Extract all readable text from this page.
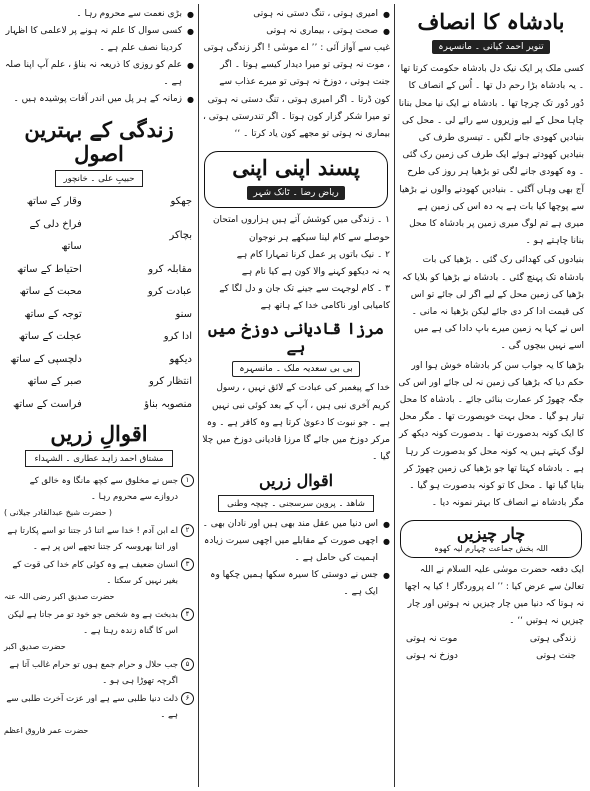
بادشاہ کا انصاف
تنویر احمد کیانی ۔ مانسہرہ

کسی ملک پر ایک نیک دل بادشاہ حکومت کرتا تھا ۔ یہ بادشاہ بڑا رحم دل تھا ۔ اُس کے انصاف کا دُور دُور تک چرچا تھا ۔ بادشاہ نے ایک نیا محل بنانا چاہا محل کے لیے وزیروں سے رائے لی ۔ محل کی بنیادیں کھودی جانے لگیں ۔ تیسری طرف کی بنیادیں کھودتے ہوئے ایک طرف کی زمین رک گئی ۔ وہ کھودی جانے لگی تو بڑھیا ہر روز کی طرح آج بھی وہاں آگئی ۔ بنیادیں کھودنے والوں نے بڑھیا سے پوچھا کیا بات ہے یہ دہ اس کی زمین ہے میری ہے تم لوگ میری زمین پر بادشاہ کا محل بنانا چاہتے ہو ۔

بنیادوں کی کھدائی رک گئی ۔ بڑھیا کی بات بادشاہ تک پہنچ گئی ۔ بادشاہ نے بڑھیا کو بلایا کہ بڑھیا کی زمین محل کے لیے اگر لی جائے تو اس کی قیمت ادا کر دی جائے لیکن بڑھیا نہ مانی ۔ اس نے کہا یہ زمین میرے باپ دادا کی ہے میں اسے نہیں بیچوں گی ۔

بڑھیا کا یہ جواب سن کر بادشاہ خوش ہوا اور حکم دیا کہ بڑھیا کی زمین نہ لی جائے اور اس کی جگہ چھوڑ کر عمارت بنائی جائے ۔ بادشاہ کا محل تیار ہو گیا ۔ محل بہت خوبصورت تھا ۔ مگر محل کا ایک کونہ بدصورت تھا ۔ بدصورت کونہ دیکھ کر لوگ کہتے ہیں یہ کونہ محل کو بدصورت کر رہا ہے ۔ بادشاہ کہتا تھا جو بڑھیا کی زمین چھوڑ کر بنایا گیا تھا ۔ محل کا تو کونہ بدصورت ہو گیا ۔ مگر بادشاہ نے انصاف کا بہتر نمونہ دیا ۔

چار چیزیں
اللہ بخش جماعت چہارم لیہ کھوہ

ایک دفعہ حضرت موسٰی علیہ السلام نے اللہ تعالیٰ سے عرض کیا : ’’ اے پروردگار ! کیا یہ اچھا نہ ہوتا کہ دنیا میں چار چیزیں نہ ہوتیں اور چار چیزیں نہ ہوتیں ‘‘ ۔

زندگی ہوتی
موت نہ ہوتی
جنت ہوتی
دوزخ نہ ہوتی
● امیری ہوتی ، تنگ دستی نہ ہوتی
● صحت ہوتی ، بیماری نہ ہوتی

غیب سے آواز آئی : ’’ اے موسٰی ! اگر زندگی ہوتی ، موت نہ ہوتی تو میرا دیدار کیسے ہوتا ۔ اگر جنت ہوتی ، دوزخ نہ ہوتی تو میرے عذاب سے کون ڈرتا ۔ اگر امیری ہوتی ، تنگ دستی نہ ہوتی تو میرا شکر گزار کون ہوتا ۔ اگر تندرستی ہوتی ، بیماری نہ ہوتی تو مجھے کون یاد کرتا ۔ ‘‘

پسند اپنی اپنی
ریاض رضا ۔ ٹانک شہر
۱ ۔ زندگی میں کوشش آتے ہیں ہزاروں امتحان
حوصلے سے کام لینا سیکھے ہر نوجوان
۲ ۔ نیک باتوں پر عمل کرنا تمہارا کام ہے
یہ نہ دیکھو کہنے والا کون ہے کیا نام ہے
۳ ۔ کام لوجہت سے جینے تک جان و دل لگا کے
کامیابی اور ناکامی خدا کے ہاتھ ہے
مرزا قادیانی دوزخ میں ہے
بی بی سعدیہ ملک ۔ مانسہرہ

خدا کے پیغمبر کی عبادت کے لائق نہیں ، رسول کریم آخری نبی ہیں ، آپ کے بعد کوئی نبی نہیں ہے ۔ جو نبوت کا دعویٰ کرتا ہے وہ کافر ہے ۔ وہ مرکر دوزخ میں جائے گا مرزا قادیانی دوزخ میں چلا گیا ۔

اقوال زریں
شاھد ۔ پروین سرسجنی ۔ چیچہ وطنی
● اس دنیا میں عقل مند بھی ہیں اور نادان بھی ۔
● اچھی صورت کے مقابلے میں اچھی سیرت زیادہ اہمیت کی حامل ہے ۔
● جس نے دوستی کا سیرہ سکھا ہمیں چکھا وہ ایک ہے ۔
● بڑی نعمت سے محروم رہا ۔
● کسی سوال کا علم نہ ہونے پر لاعلمی کا اظہار کردینا نصف علم ہے ۔
● علم کو روزی کا ذریعہ نہ بناؤ ، علم آپ اپنا صلہ ہے ۔
● زمانہ کے ہر پل میں اندر آفات پوشیدہ ہیں ۔
زندگی کے بہترین اصول
حبیبِ علی ۔ خانچور
جھکو	وقار کے ساتھ
بچاکر	فراخ دلی کے ساتھ
مقابلہ کرو	احتیاط کے ساتھ
عبادت کرو	محبت کے ساتھ
سنو	توجہ کے ساتھ
ادا کرو	عجلت کے ساتھ
دیکھو	دلچسپی کے ساتھ
انتظار کرو	صبر کے ساتھ
منصوبہ بناؤ	فراست کے ساتھ
اقوالِ زریں
مشتاق احمد زاہد عطاری ۔ الشہداء
۱
جس نے مخلوق سے کچھ مانگا وہ خالق کے دروازے سے محروم رہا ۔
( حضرت شیخ عبدالقادر جیلانی )
۲
اے ابن آدم ! خدا سے اتنا ڈر جتنا تو اسے پکارتا ہے اور اتنا بھروسہ کر جتنا تجھے اس پر ہے ۔
۳
انسان ضعیف ہے وہ کوئی کام خدا کی قوت کے بغیر نہیں کر سکتا ۔
حضرت صدیق اکبر رضی اللہ عنہ
۴
بدبخت ہے وہ شخص جو خود تو مر جاتا ہے لیکن اس کا گناہ زندہ رہتا ہے ۔
حضرت صدیق اکبر
۵
جب حلال و حرام جمع ہوں تو حرام غالب آتا ہے اگرچہ تھوڑا ہی ہو ۔
۶
ذلت دنیا طلبی سے ہے اور عزت آخرت طلبی سے ہے ۔
حضرت عمر فاروق اعظم
